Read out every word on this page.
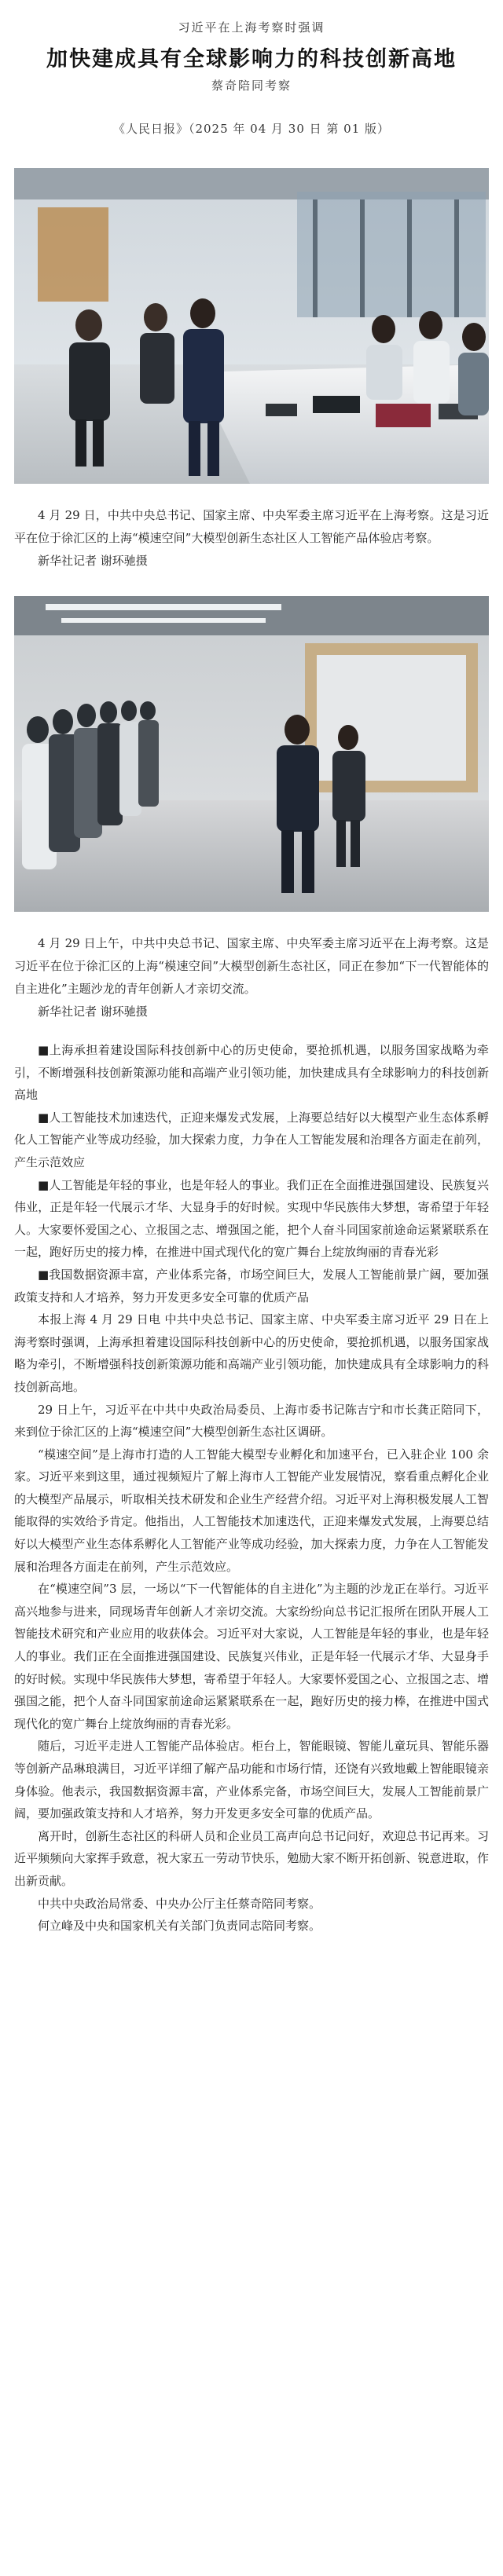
习近平在上海考察时强调
加快建成具有全球影响力的科技创新高地
蔡奇陪同考察
《人民日报》（2025 年 04 月 30 日 第 01 版）
4 月 29 日，中共中央总书记、国家主席、中央军委主席习近平在上海考察。这是习近平在位于徐汇区的上海“模速空间”大模型创新生态社区人工智能产品体验店考察。
新华社记者 谢环驰摄
4 月 29 日上午，中共中央总书记、国家主席、中央军委主席习近平在上海考察。这是习近平在位于徐汇区的上海“模速空间”大模型创新生态社区，同正在参加“下一代智能体的自主进化”主题沙龙的青年创新人才亲切交流。
新华社记者 谢环驰摄

■上海承担着建设国际科技创新中心的历史使命，要抢抓机遇，以服务国家战略为牵引，不断增强科技创新策源功能和高端产业引领功能，加快建成具有全球影响力的科技创新高地

■人工智能技术加速迭代，正迎来爆发式发展，上海要总结好以大模型产业生态体系孵化人工智能产业等成功经验，加大探索力度，力争在人工智能发展和治理各方面走在前列，产生示范效应

■人工智能是年轻的事业，也是年轻人的事业。我们正在全面推进强国建设、民族复兴伟业，正是年轻一代展示才华、大显身手的好时候。实现中华民族伟大梦想，寄希望于年轻人。大家要怀爱国之心、立报国之志、增强国之能，把个人奋斗同国家前途命运紧紧联系在一起，跑好历史的接力棒，在推进中国式现代化的宽广舞台上绽放绚丽的青春光彩

■我国数据资源丰富，产业体系完备，市场空间巨大，发展人工智能前景广阔，要加强政策支持和人才培养，努力开发更多安全可靠的优质产品

本报上海 4 月 29 日电 中共中央总书记、国家主席、中央军委主席习近平 29 日在上海考察时强调，上海承担着建设国际科技创新中心的历史使命，要抢抓机遇，以服务国家战略为牵引，不断增强科技创新策源功能和高端产业引领功能，加快建成具有全球影响力的科技创新高地。

29 日上午，习近平在中共中央政治局委员、上海市委书记陈吉宁和市长龚正陪同下，来到位于徐汇区的上海“模速空间”大模型创新生态社区调研。

“模速空间”是上海市打造的人工智能大模型专业孵化和加速平台，已入驻企业 100 余家。习近平来到这里，通过视频短片了解上海市人工智能产业发展情况，察看重点孵化企业的大模型产品展示，听取相关技术研发和企业生产经营介绍。习近平对上海积极发展人工智能取得的实效给予肯定。他指出，人工智能技术加速迭代，正迎来爆发式发展，上海要总结好以大模型产业生态体系孵化人工智能产业等成功经验，加大探索力度，力争在人工智能发展和治理各方面走在前列，产生示范效应。

在“模速空间”3 层，一场以“下一代智能体的自主进化”为主题的沙龙正在举行。习近平高兴地参与进来，同现场青年创新人才亲切交流。大家纷纷向总书记汇报所在团队开展人工智能技术研究和产业应用的收获体会。习近平对大家说，人工智能是年轻的事业，也是年轻人的事业。我们正在全面推进强国建设、民族复兴伟业，正是年轻一代展示才华、大显身手的好时候。实现中华民族伟大梦想，寄希望于年轻人。大家要怀爱国之心、立报国之志、增强国之能，把个人奋斗同国家前途命运紧紧联系在一起，跑好历史的接力棒，在推进中国式现代化的宽广舞台上绽放绚丽的青春光彩。

随后，习近平走进人工智能产品体验店。柜台上，智能眼镜、智能儿童玩具、智能乐器等创新产品琳琅满目，习近平详细了解产品功能和市场行情，还饶有兴致地戴上智能眼镜亲身体验。他表示，我国数据资源丰富，产业体系完备，市场空间巨大，发展人工智能前景广阔，要加强政策支持和人才培养，努力开发更多安全可靠的优质产品。

离开时，创新生态社区的科研人员和企业员工高声向总书记问好，欢迎总书记再来。习近平频频向大家挥手致意，祝大家五一劳动节快乐，勉励大家不断开拓创新、锐意进取，作出新贡献。

中共中央政治局常委、中央办公厅主任蔡奇陪同考察。

何立峰及中央和国家机关有关部门负责同志陪同考察。
